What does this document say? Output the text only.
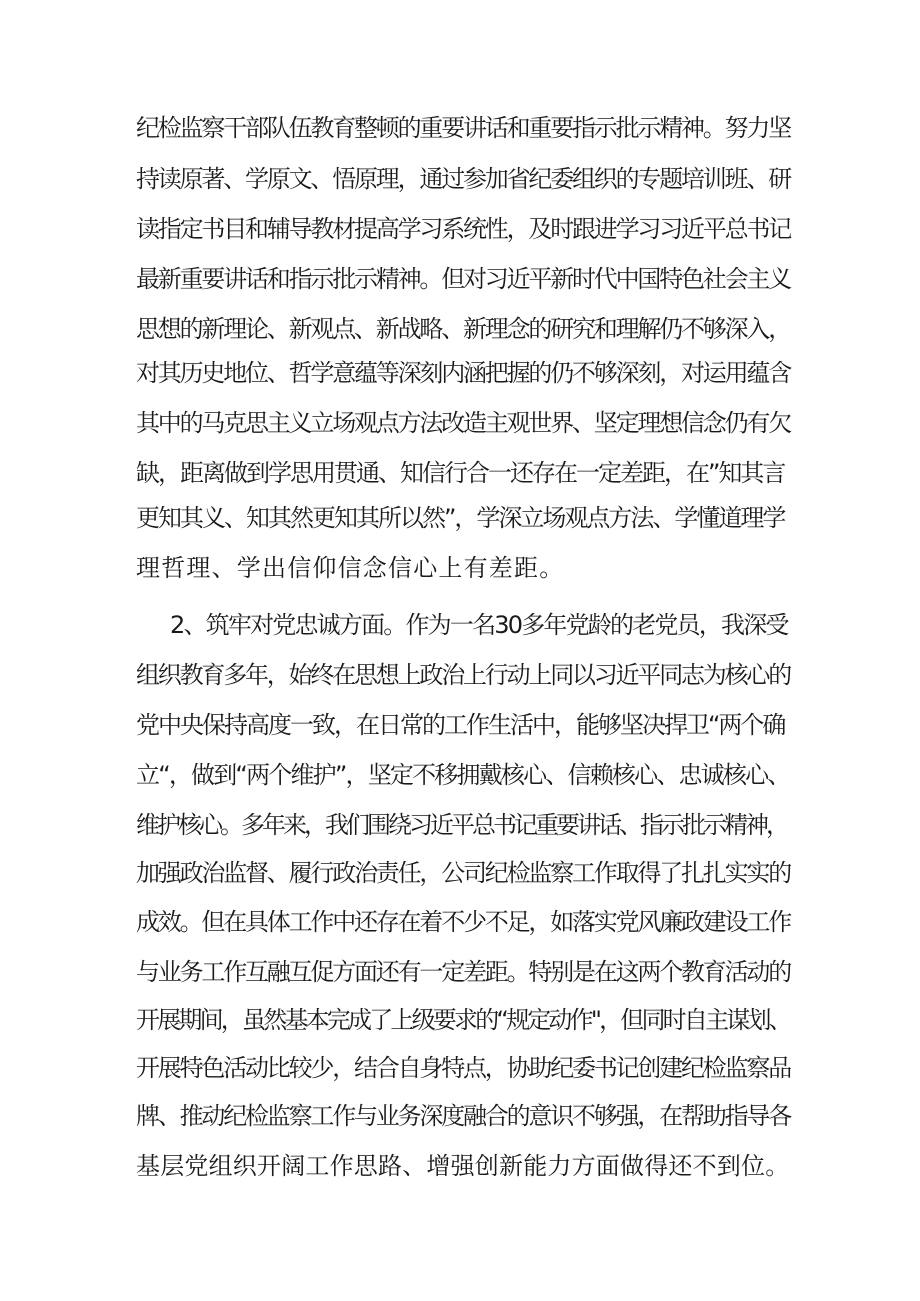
纪检监察干部队伍教育整顿的重要讲话和重要指示批示精神。努力坚

持读原著、学原文、悟原理，通过参加省纪委组织的专题培训班、研

读指定书目和辅导教材提高学习系统性，及时跟进学习习近平总书记

最新重要讲话和指示批示精神。但对习近平新时代中国特色社会主义

思想的新理论、新观点、新战略、新理念的研究和理解仍不够深入，

对其历史地位、哲学意蕴等深刻内涵把握的仍不够深刻，对运用蕴含

其中的马克思主义立场观点方法改造主观世界、坚定理想信念仍有欠

缺，距离做到学思用贯通、知信行合一还存在一定差距，在”知其言

更知其义、知其然更知其所以然”，学深立场观点方法、学懂道理学

理哲理、学出信仰信念信心上有差距。

2、筑牢对党忠诚方面。作为一名30多年党龄的老党员，我深受

组织教育多年，始终在思想上政治上行动上同以习近平同志为核心的

党中央保持高度一致，在日常的工作生活中，能够坚决捍卫“两个确

立“，做到“两个维护”，坚定不移拥戴核心、信赖核心、忠诚核心、

维护核心。多年来，我们围绕习近平总书记重要讲话、指示批示精神，

加强政治监督、履行政治责任，公司纪检监察工作取得了扎扎实实的

成效。但在具体工作中还存在着不少不足，如落实党风廉政建设工作

与业务工作互融互促方面还有一定差距。特别是在这两个教育活动的

开展期间，虽然基本完成了上级要求的“规定动作"，但同时自主谋划、

开展特色活动比较少，结合自身特点，协助纪委书记创建纪检监察品

牌、推动纪检监察工作与业务深度融合的意识不够强，在帮助指导各

基层党组织开阔工作思路、增强创新能力方面做得还不到位。
